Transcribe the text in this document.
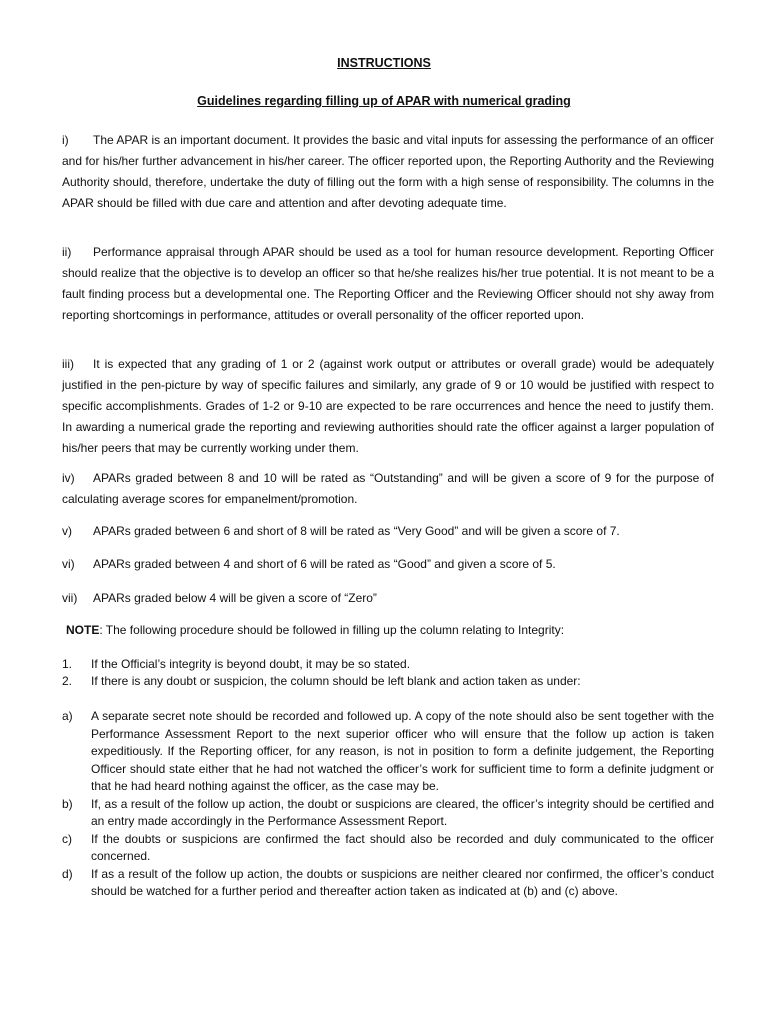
INSTRUCTIONS
Guidelines regarding filling up of APAR with numerical grading

i) The APAR is an important document. It provides the basic and vital inputs for assessing the performance of an officer and for his/her further advancement in his/her career. The officer reported upon, the Reporting Authority and the Reviewing Authority should, therefore, undertake the duty of filling out the form with a high sense of responsibility. The columns in the APAR should be filled with due care and attention and after devoting adequate time.

ii) Performance appraisal through APAR should be used as a tool for human resource development. Reporting Officer should realize that the objective is to develop an officer so that he/she realizes his/her true potential. It is not meant to be a fault finding process but a developmental one. The Reporting Officer and the Reviewing Officer should not shy away from reporting shortcomings in performance, attitudes or overall personality of the officer reported upon.

iii) It is expected that any grading of 1 or 2 (against work output or attributes or overall grade) would be adequately justified in the pen-picture by way of specific failures and similarly, any grade of 9 or 10 would be justified with respect to specific accomplishments. Grades of 1-2 or 9-10 are expected to be rare occurrences and hence the need to justify them. In awarding a numerical grade the reporting and reviewing authorities should rate the officer against a larger population of his/her peers that may be currently working under them.

iv) APARs graded between 8 and 10 will be rated as “Outstanding” and will be given a score of 9 for the purpose of calculating average scores for empanelment/promotion.

v) APARs graded between 6 and short of 8 will be rated as “Very Good” and will be given a score of 7.

vi) APARs graded between 4 and short of 6 will be rated as “Good” and given a score of 5.

vii) APARs graded below 4 will be given a score of “Zero”

NOTE: The following procedure should be followed in filling up the column relating to Integrity:

1. If the Official’s integrity is beyond doubt, it may be so stated.
2. If there is any doubt or suspicion, the column should be left blank and action taken as under:
a) A separate secret note should be recorded and followed up. A copy of the note should also be sent together with the Performance Assessment Report to the next superior officer who will ensure that the follow up action is taken expeditiously. If the Reporting officer, for any reason, is not in position to form a definite judgement, the Reporting Officer should state either that he had not watched the officer’s work for sufficient time to form a definite judgment or that he had heard nothing against the officer, as the case may be.
b) If, as a result of the follow up action, the doubt or suspicions are cleared, the officer’s integrity should be certified and an entry made accordingly in the Performance Assessment Report.
c) If the doubts or suspicions are confirmed the fact should also be recorded and duly communicated to the officer concerned.
d) If as a result of the follow up action, the doubts or suspicions are neither cleared nor confirmed, the officer’s conduct should be watched for a further period and thereafter action taken as indicated at (b) and (c) above.
